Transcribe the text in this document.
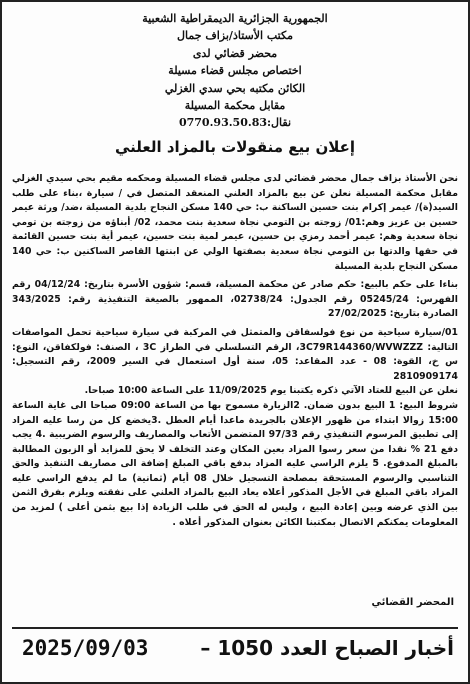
الجمهورية الجزائرية الديمقراطية الشعبية
مكتب الأستاذ/بزاف جمال
محضر قضائي لدى
اختصاص مجلس قضاء مسيلة
الكائن مكتبه بحي سدي الغزلي
مقابل محكمة المسيلة
نقال:0770.93.50.83
إعلان بيع منقولات بالمزاد العلني

نحن الأستاذ بزاف جمال محضر قضائي لدى مجلس قضاء المسيلة ومحكمه مقيم بحي سيدي الغزلي مقابل محكمة المسيلة نعلن عن بيع بالمزاد العلني المنعقد المتصل في / سيارة ،بناء على طلب السيد(ة)/ عيمر إكرام بنت حسين الساكنة ب: حي 140 مسكن النجاح بلدية المسيلة ،ضد/ ورثة عيمر حسين بن عزيز وهم:01/ زوجته بن التومي نجاة سعدية بنت محمد، 02/ أبناؤه من زوجته بن تومي نجاة سعدية وهم: عيمر أحمد رمزي بن حسين، عيمر لمية بنت حسين، عيمر أية بنت حسين القائمة في حقها والدتها بن التومي نجاة سعدية بصفتها الولي عن ابنتها القاصر الساكنين ب: حي 140 مسكن النجاح بلدية المسيلة

بناءا على حكم بالبيع: حكم صادر عن محكمة المسيلة، قسم: شؤون الأسرة بتاريخ: 04/12/24 رقم الفهرس: 05245/24 رقم الجدول: 02738/24، الممهور بالصيغة التنفيذية رقم: 343/2025 الصادرة بتاريخ: 27/02/2025

01/سيارة سياحية من نوع فولسفاقن والمتمثل في المركبة في سيارة سياحية تحمل المواصفات التالية: 3C79R144360/WVWZZZ، الرقم التسلسلي في الطراز 3C ، الصنف: فولكفاقن، النوع: س خ، القوة: 08 - عدد المقاعد: 05، سنة أول استعمال في السير 2009، رقم التسجيل: 2810909174

نعلن عن البيع للعتاد الآتي ذكره يكتبنا يوم 11/09/2025 على الساعة 10:00 صباحا.

شروط البيع: 1 البيع بدون ضمان. 2الزيارة مسموح بها من الساعة 09:00 صباحا الى غاية الساعة 15:00 زوالا ابتداء من ظهور الإعلان بالجريدة ماعدا أيام العطل .3يخضع كل من رسا عليه المزاد إلى تطبيق المرسوم التنفيذي رقم 97/33 المتضمن الأتعاب والمصاريف والرسوم الضريبية .4 يجب دفع 21 % نقدا من سعر رسوا المزاد بعين المكان وعند التخلف لا يحق للمزايد أو الزبون المطالبة بالمبلغ المدفوع. 5 يلزم الراسي عليه المزاد بدفع باقي المبلغ إضافة الى مصاريف التنفيذ والحق التناسبي والرسوم المستحقة بمصلحة التسجيل خلال 08 أيام (ثمانية) ما لم يدفع الراسي عليه المزاد باقي المبلغ في الأجل المذكور أعلاه يعاد البيع بالمزاد العلني على نفقته ويلزم بفرق الثمن بين الذي عرضه وبين إعادة البيع ، وليس له الحق في طلب الزيادة إذا بيع بثمن أعلى ) لمزيد من المعلومات يمكنكم الاتصال بمكتبنا الكائن بعنوان المذكور أعلاه .

المحضر القضائي
أخبار الصباح العدد 1050 –
2025/09/03
